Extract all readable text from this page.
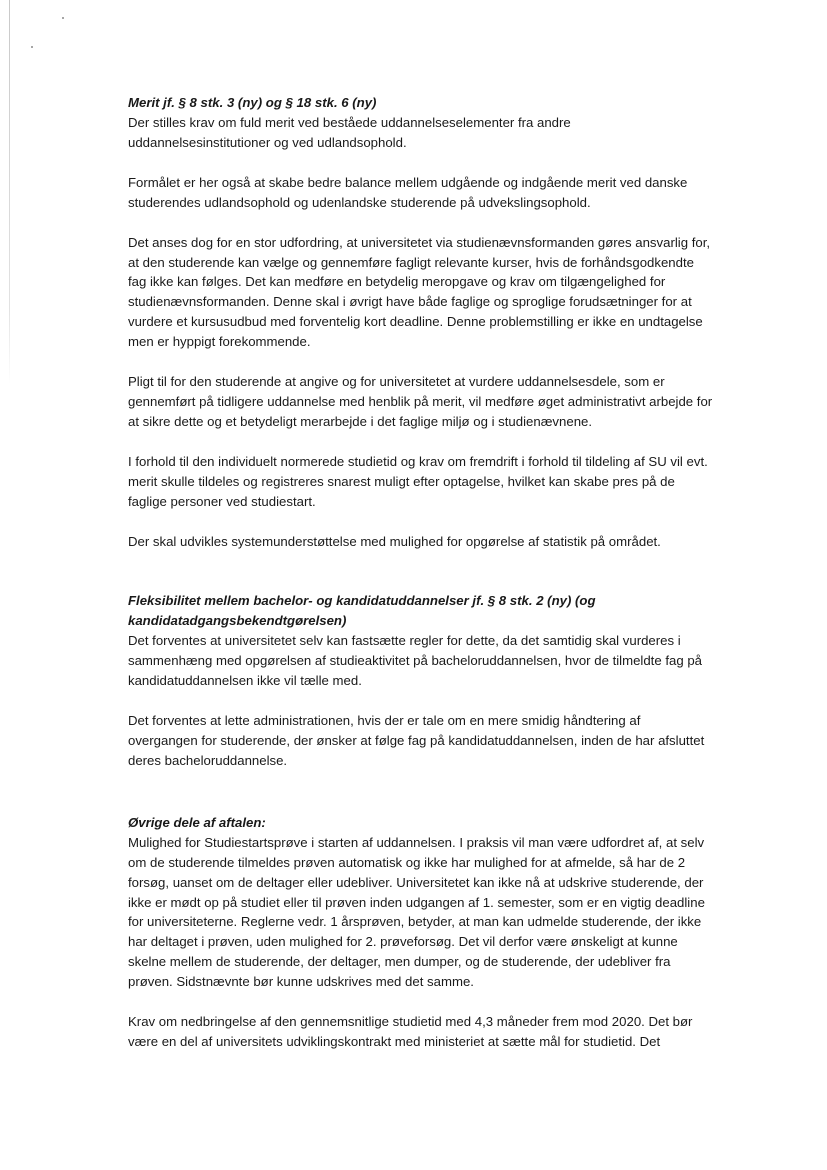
Merit jf. § 8 stk. 3 (ny) og § 18 stk. 6 (ny)

Der stilles krav om fuld merit ved beståede uddannelseselementer fra andre uddannelsesinstitutioner og ved udlandsophold.

Formålet er her også at skabe bedre balance mellem udgående og indgående merit ved danske studerendes udlandsophold og udenlandske studerende på udvekslingsophold.

Det anses dog for en stor udfordring, at universitetet via studienævnsformanden gøres ansvarlig for, at den studerende kan vælge og gennemføre fagligt relevante kurser, hvis de forhåndsgodkendte fag ikke kan følges. Det kan medføre en betydelig meropgave og krav om tilgængelighed for studienævnsformanden. Denne skal i øvrigt have både faglige og sproglige forudsætninger for at vurdere et kursusudbud med forventelig kort deadline. Denne problemstilling er ikke en undtagelse men er hyppigt forekommende.

Pligt til for den studerende at angive og for universitetet at vurdere uddannelsesdele, som er gennemført på tidligere uddannelse med henblik på merit, vil medføre øget administrativt arbejde for at sikre dette og et betydeligt merarbejde i det faglige miljø og i studienævnene.

I forhold til den individuelt normerede studietid og krav om fremdrift i forhold til tildeling af SU vil evt. merit skulle tildeles og registreres snarest muligt efter optagelse, hvilket kan skabe pres på de faglige personer ved studiestart.

Der skal udvikles systemunderstøttelse med mulighed for opgørelse af statistik på området.

Fleksibilitet mellem bachelor- og kandidatuddannelser jf. § 8 stk. 2 (ny) (og kandidatadgangsbekendtgørelsen)

Det forventes at universitetet selv kan fastsætte regler for dette, da det samtidig skal vurderes i sammenhæng med opgørelsen af studieaktivitet på bacheloruddannelsen, hvor de tilmeldte fag på kandidatuddannelsen ikke vil tælle med.

Det forventes at lette administrationen, hvis der er tale om en mere smidig håndtering af overgangen for studerende, der ønsker at følge fag på kandidatuddannelsen, inden de har afsluttet deres bacheloruddannelse.

Øvrige dele af aftalen:

Mulighed for Studiestartsprøve i starten af uddannelsen. I praksis vil man være udfordret af, at selv om de studerende tilmeldes prøven automatisk og ikke har mulighed for at afmelde, så har de 2 forsøg, uanset om de deltager eller udebliver. Universitetet kan ikke nå at udskrive studerende, der ikke er mødt op på studiet eller til prøven inden udgangen af 1. semester, som er en vigtig deadline for universiteterne. Reglerne vedr. 1 årsprøven, betyder, at man kan udmelde studerende, der ikke har deltaget i prøven, uden mulighed for 2. prøveforsøg. Det vil derfor være ønskeligt at kunne skelne mellem de studerende, der deltager, men dumper, og de studerende, der udebliver fra prøven. Sidstnævnte bør kunne udskrives med det samme.

Krav om nedbringelse af den gennemsnitlige studietid med 4,3 måneder frem mod 2020. Det bør være en del af universitets udviklingskontrakt med ministeriet at sætte mål for studietid. Det
